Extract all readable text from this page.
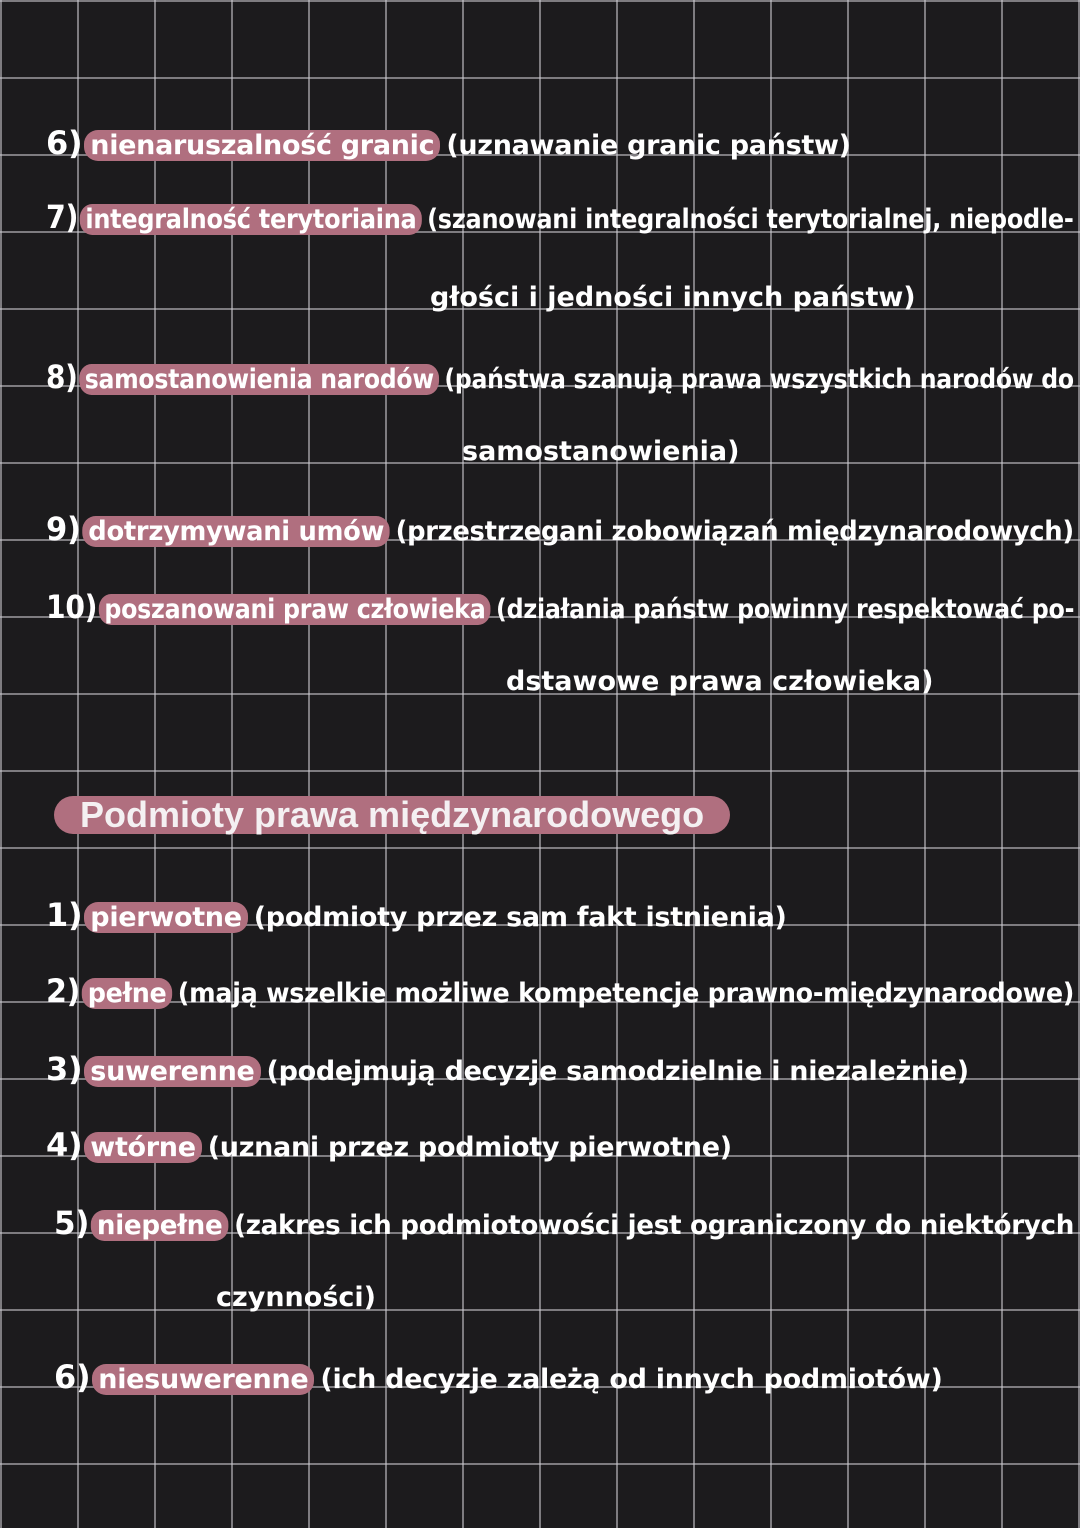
6) nienaruszalność granic (uznawanie granic państw)
7) integralność terytoriaina (szanowani integralności terytorialnej, niepodle-
głości i jedności innych państw)
8) samostanowienia narodów (państwa szanują prawa wszystkich narodów do
samostanowienia)
9) dotrzymywani umów (przestrzegani zobowiązań międzynarodowych)
10) poszanowani praw człowieka (działania państw powinny respektować po-
dstawowe prawa człowieka)
Podmioty prawa międzynarodowego
1) pierwotne (podmioty przez sam fakt istnienia)
2) pełne (mają wszelkie możliwe kompetencje prawno-międzynarodowe)
3) suwerenne (podejmują decyzje samodzielnie i niezależnie)
4) wtórne (uznani przez podmioty pierwotne)
5) niepełne (zakres ich podmiotowości jest ograniczony do niektórych
czynności)
6) niesuwerenne (ich decyzje zależą od innych podmiotów)
